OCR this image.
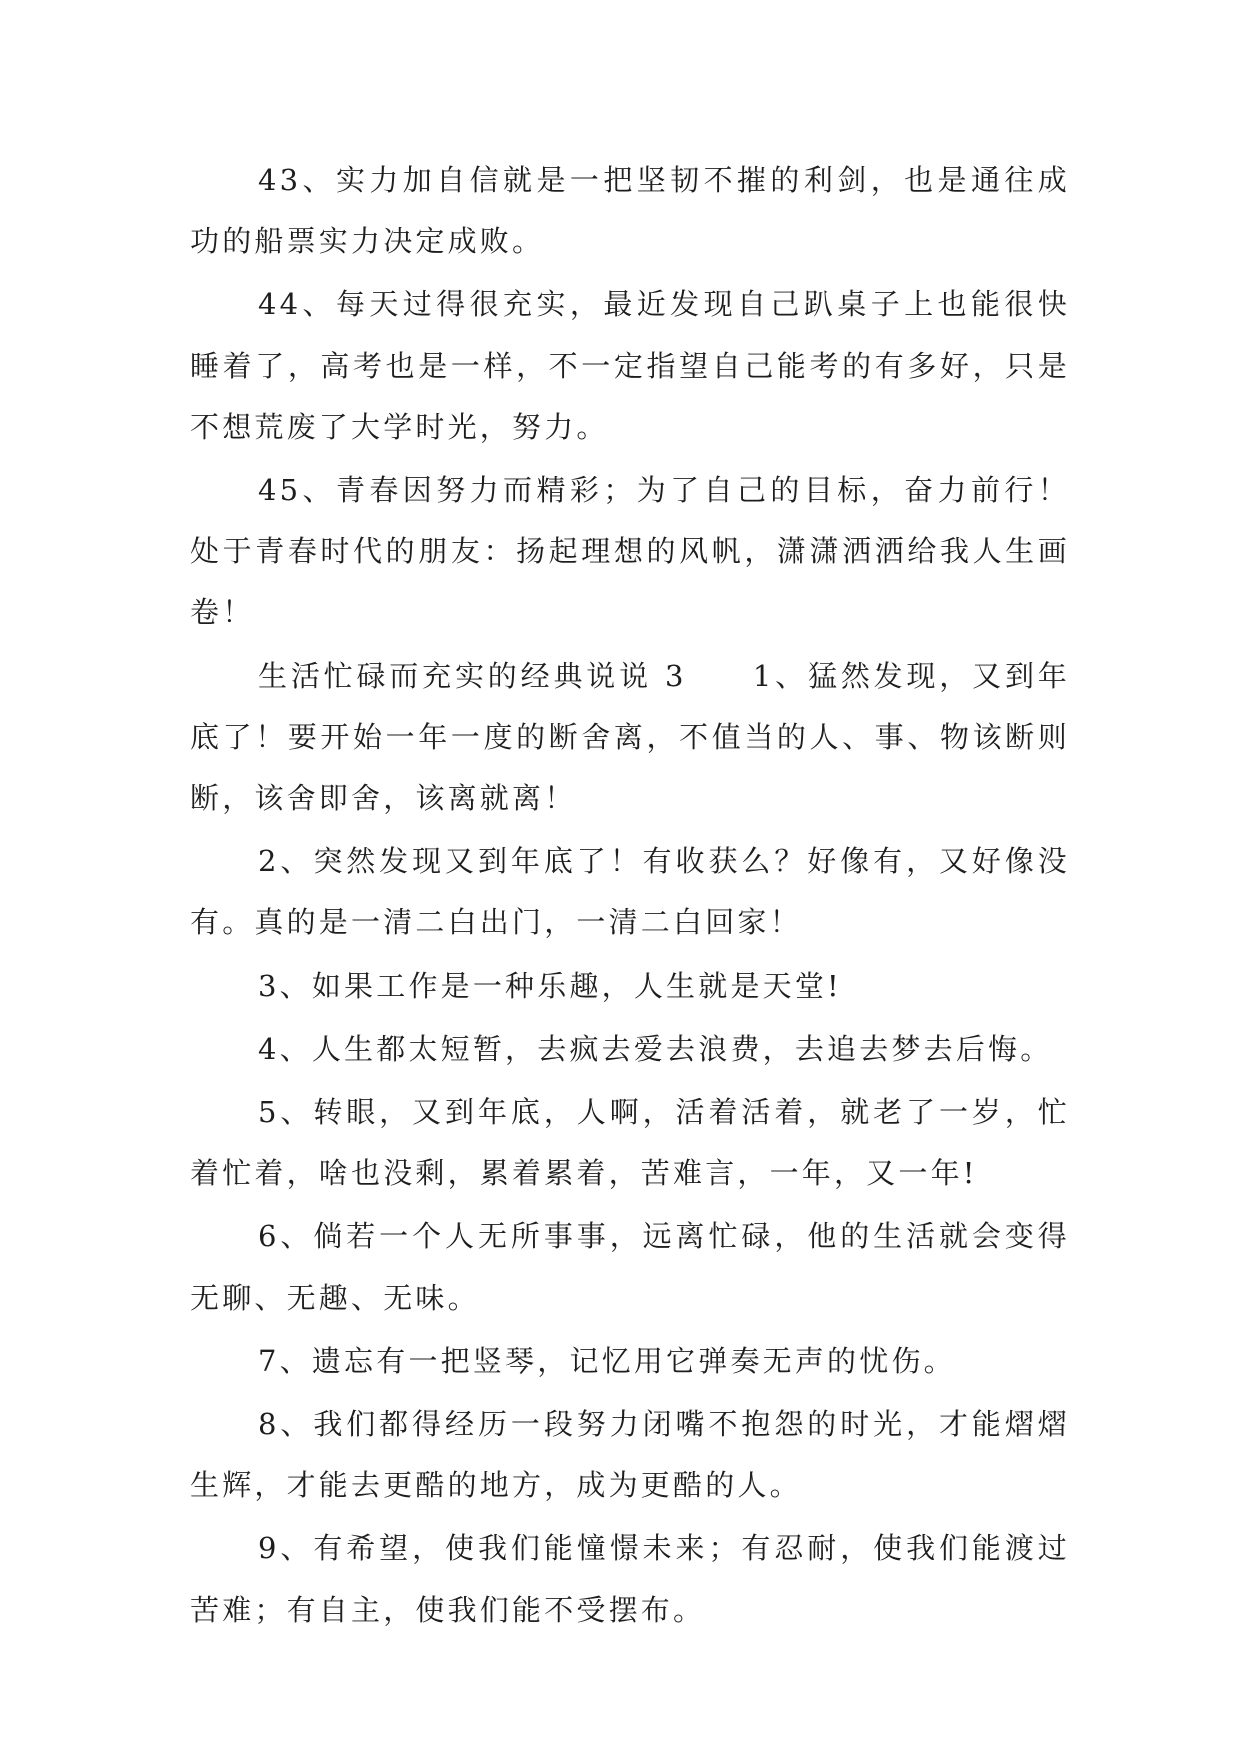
43、实力加自信就是一把坚韧不摧的利剑，也是通往成功的船票实力决定成败。

44、每天过得很充实，最近发现自己趴桌子上也能很快睡着了，高考也是一样，不一定指望自己能考的有多好，只是不想荒废了大学时光，努力。

45、青春因努力而精彩；为了自己的目标，奋力前行！处于青春时代的朋友：扬起理想的风帆，潇潇洒洒给我人生画卷！

生活忙碌而充实的经典说说 3　　1、猛然发现，又到年底了！要开始一年一度的断舍离，不值当的人、事、物该断则断，该舍即舍，该离就离！

2、突然发现又到年底了！有收获么？好像有，又好像没有。真的是一清二白出门，一清二白回家！

3、如果工作是一种乐趣，人生就是天堂!

4、人生都太短暂，去疯去爱去浪费，去追去梦去后悔。

5、转眼，又到年底，人啊，活着活着，就老了一岁，忙着忙着，啥也没剩，累着累着，苦难言，一年，又一年!

6、倘若一个人无所事事，远离忙碌，他的生活就会变得无聊、无趣、无味。

7、遗忘有一把竖琴，记忆用它弹奏无声的忧伤。

8、我们都得经历一段努力闭嘴不抱怨的时光，才能熠熠生辉，才能去更酷的地方，成为更酷的人。

9、有希望，使我们能憧憬未来；有忍耐，使我们能渡过苦难；有自主，使我们能不受摆布。
